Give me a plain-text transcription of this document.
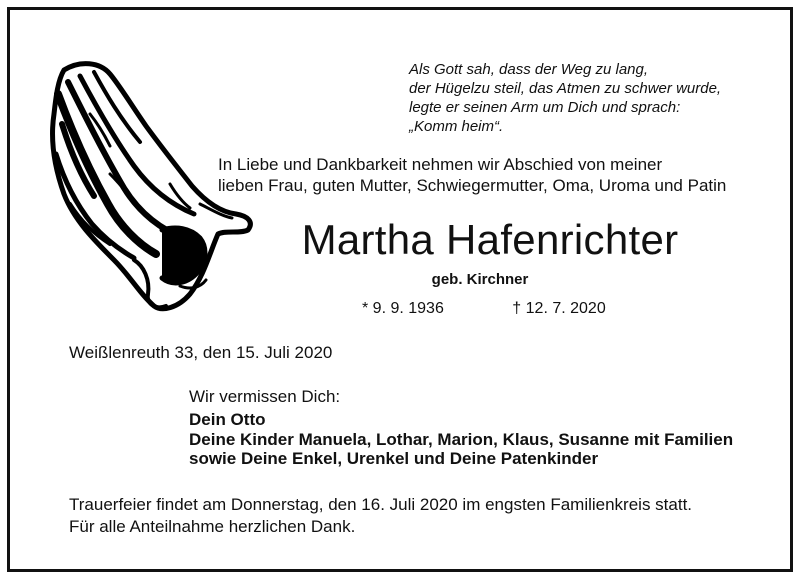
Als Gott sah, dass der Weg zu lang,
der Hügelzu steil, das Atmen zu schwer wurde,
legte er seinen Arm um Dich und sprach:
„Komm heim“.
In Liebe und Dankbarkeit nehmen wir Abschied von meiner
lieben Frau, guten Mutter, Schwiegermutter, Oma, Uroma und Patin
Martha Hafenrichter
geb. Kirchner
* 9. 9. 1936	† 12. 7. 2020
Weißlenreuth 33, den 15. Juli 2020
Wir vermissen Dich:
Dein Otto
Deine Kinder Manuela, Lothar, Marion, Klaus, Susanne mit Familien
sowie Deine Enkel, Urenkel und Deine Patenkinder
Trauerfeier findet am Donnerstag, den 16. Juli 2020 im engsten Familienkreis statt.
Für alle Anteilnahme herzlichen Dank.
